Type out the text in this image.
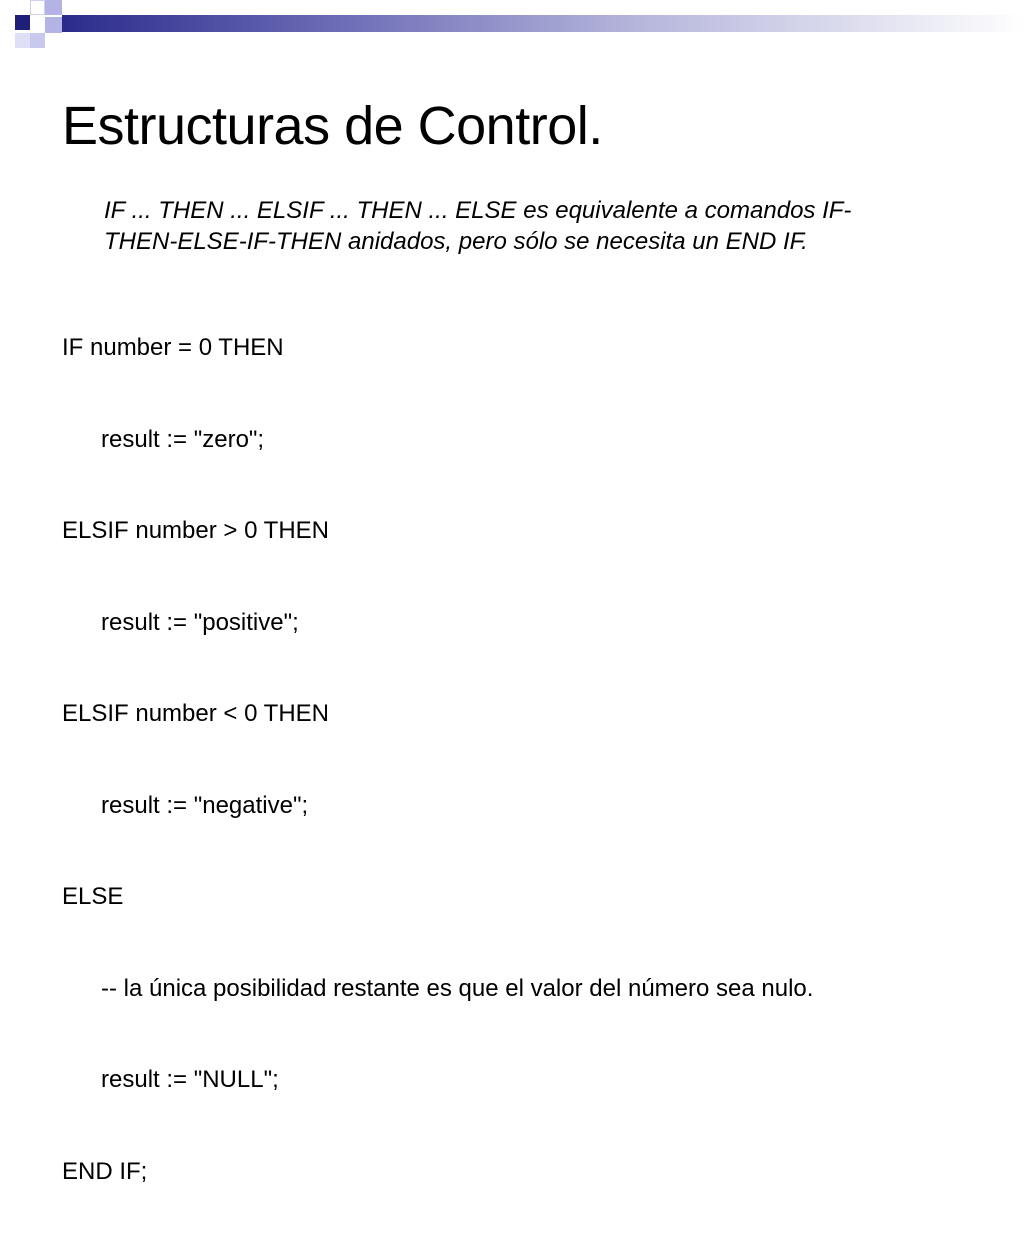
Estructuras de Control.
IF ... THEN ... ELSIF ... THEN ... ELSE es equivalente a comandos IF-THEN-ELSE-IF-THEN anidados, pero sólo se necesita un END IF.

IF number = 0 THEN

result := "zero";

ELSIF number > 0 THEN

result := "positive";

ELSIF number < 0 THEN

result := "negative";

ELSE

-- la única posibilidad restante es que el valor del número sea nulo.

result := "NULL";

END IF;
